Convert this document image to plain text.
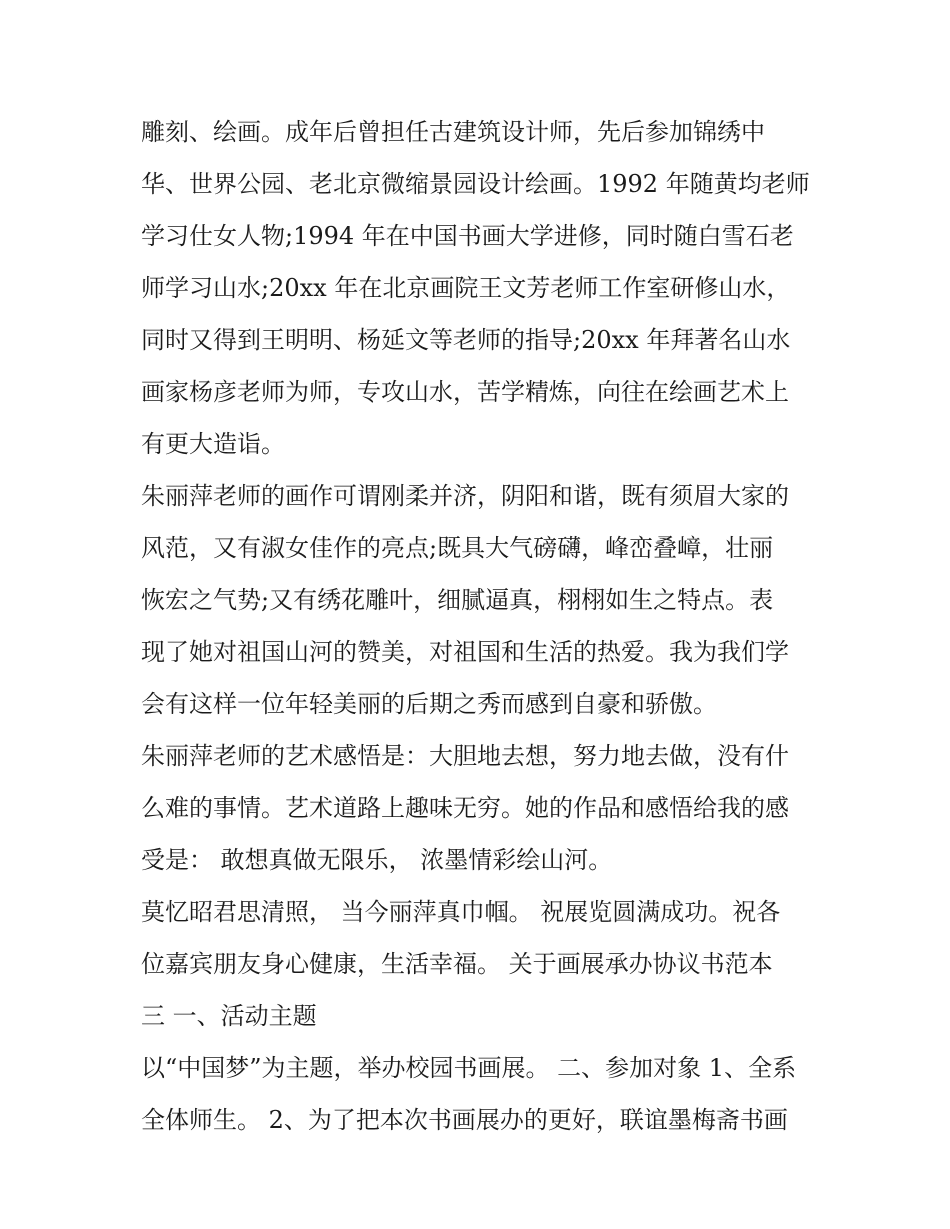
雕刻、绘画。成年后曾担任古建筑设计师，先后参加锦绣中
华、世界公园、老北京微缩景园设计绘画。1992 年随黄均老师
学习仕女人物;1994 年在中国书画大学进修，同时随白雪石老
师学习山水;20xx 年在北京画院王文芳老师工作室研修山水，
同时又得到王明明、杨延文等老师的指导;20xx 年拜著名山水
画家杨彦老师为师，专攻山水，苦学精炼，向往在绘画艺术上
有更大造诣。
朱丽萍老师的画作可谓刚柔并济，阴阳和谐，既有须眉大家的
风范，又有淑女佳作的亮点;既具大气磅礴，峰峦叠嶂，壮丽
恢宏之气势;又有绣花雕叶，细腻逼真，栩栩如生之特点。表
现了她对祖国山河的赞美，对祖国和生活的热爱。我为我们学
会有这样一位年轻美丽的后期之秀而感到自豪和骄傲。
朱丽萍老师的艺术感悟是：大胆地去想，努力地去做，没有什
么难的事情。艺术道路上趣味无穷。她的作品和感悟给我的感
受是： 敢想真做无限乐， 浓墨情彩绘山河。
莫忆昭君思清照， 当今丽萍真巾帼。 祝展览圆满成功。祝各
位嘉宾朋友身心健康，生活幸福。 关于画展承办协议书范本
三 一、活动主题
以“中国梦”为主题，举办校园书画展。 二、参加对象 1、全系
全体师生。 2、为了把本次书画展办的更好，联谊墨梅斋书画
